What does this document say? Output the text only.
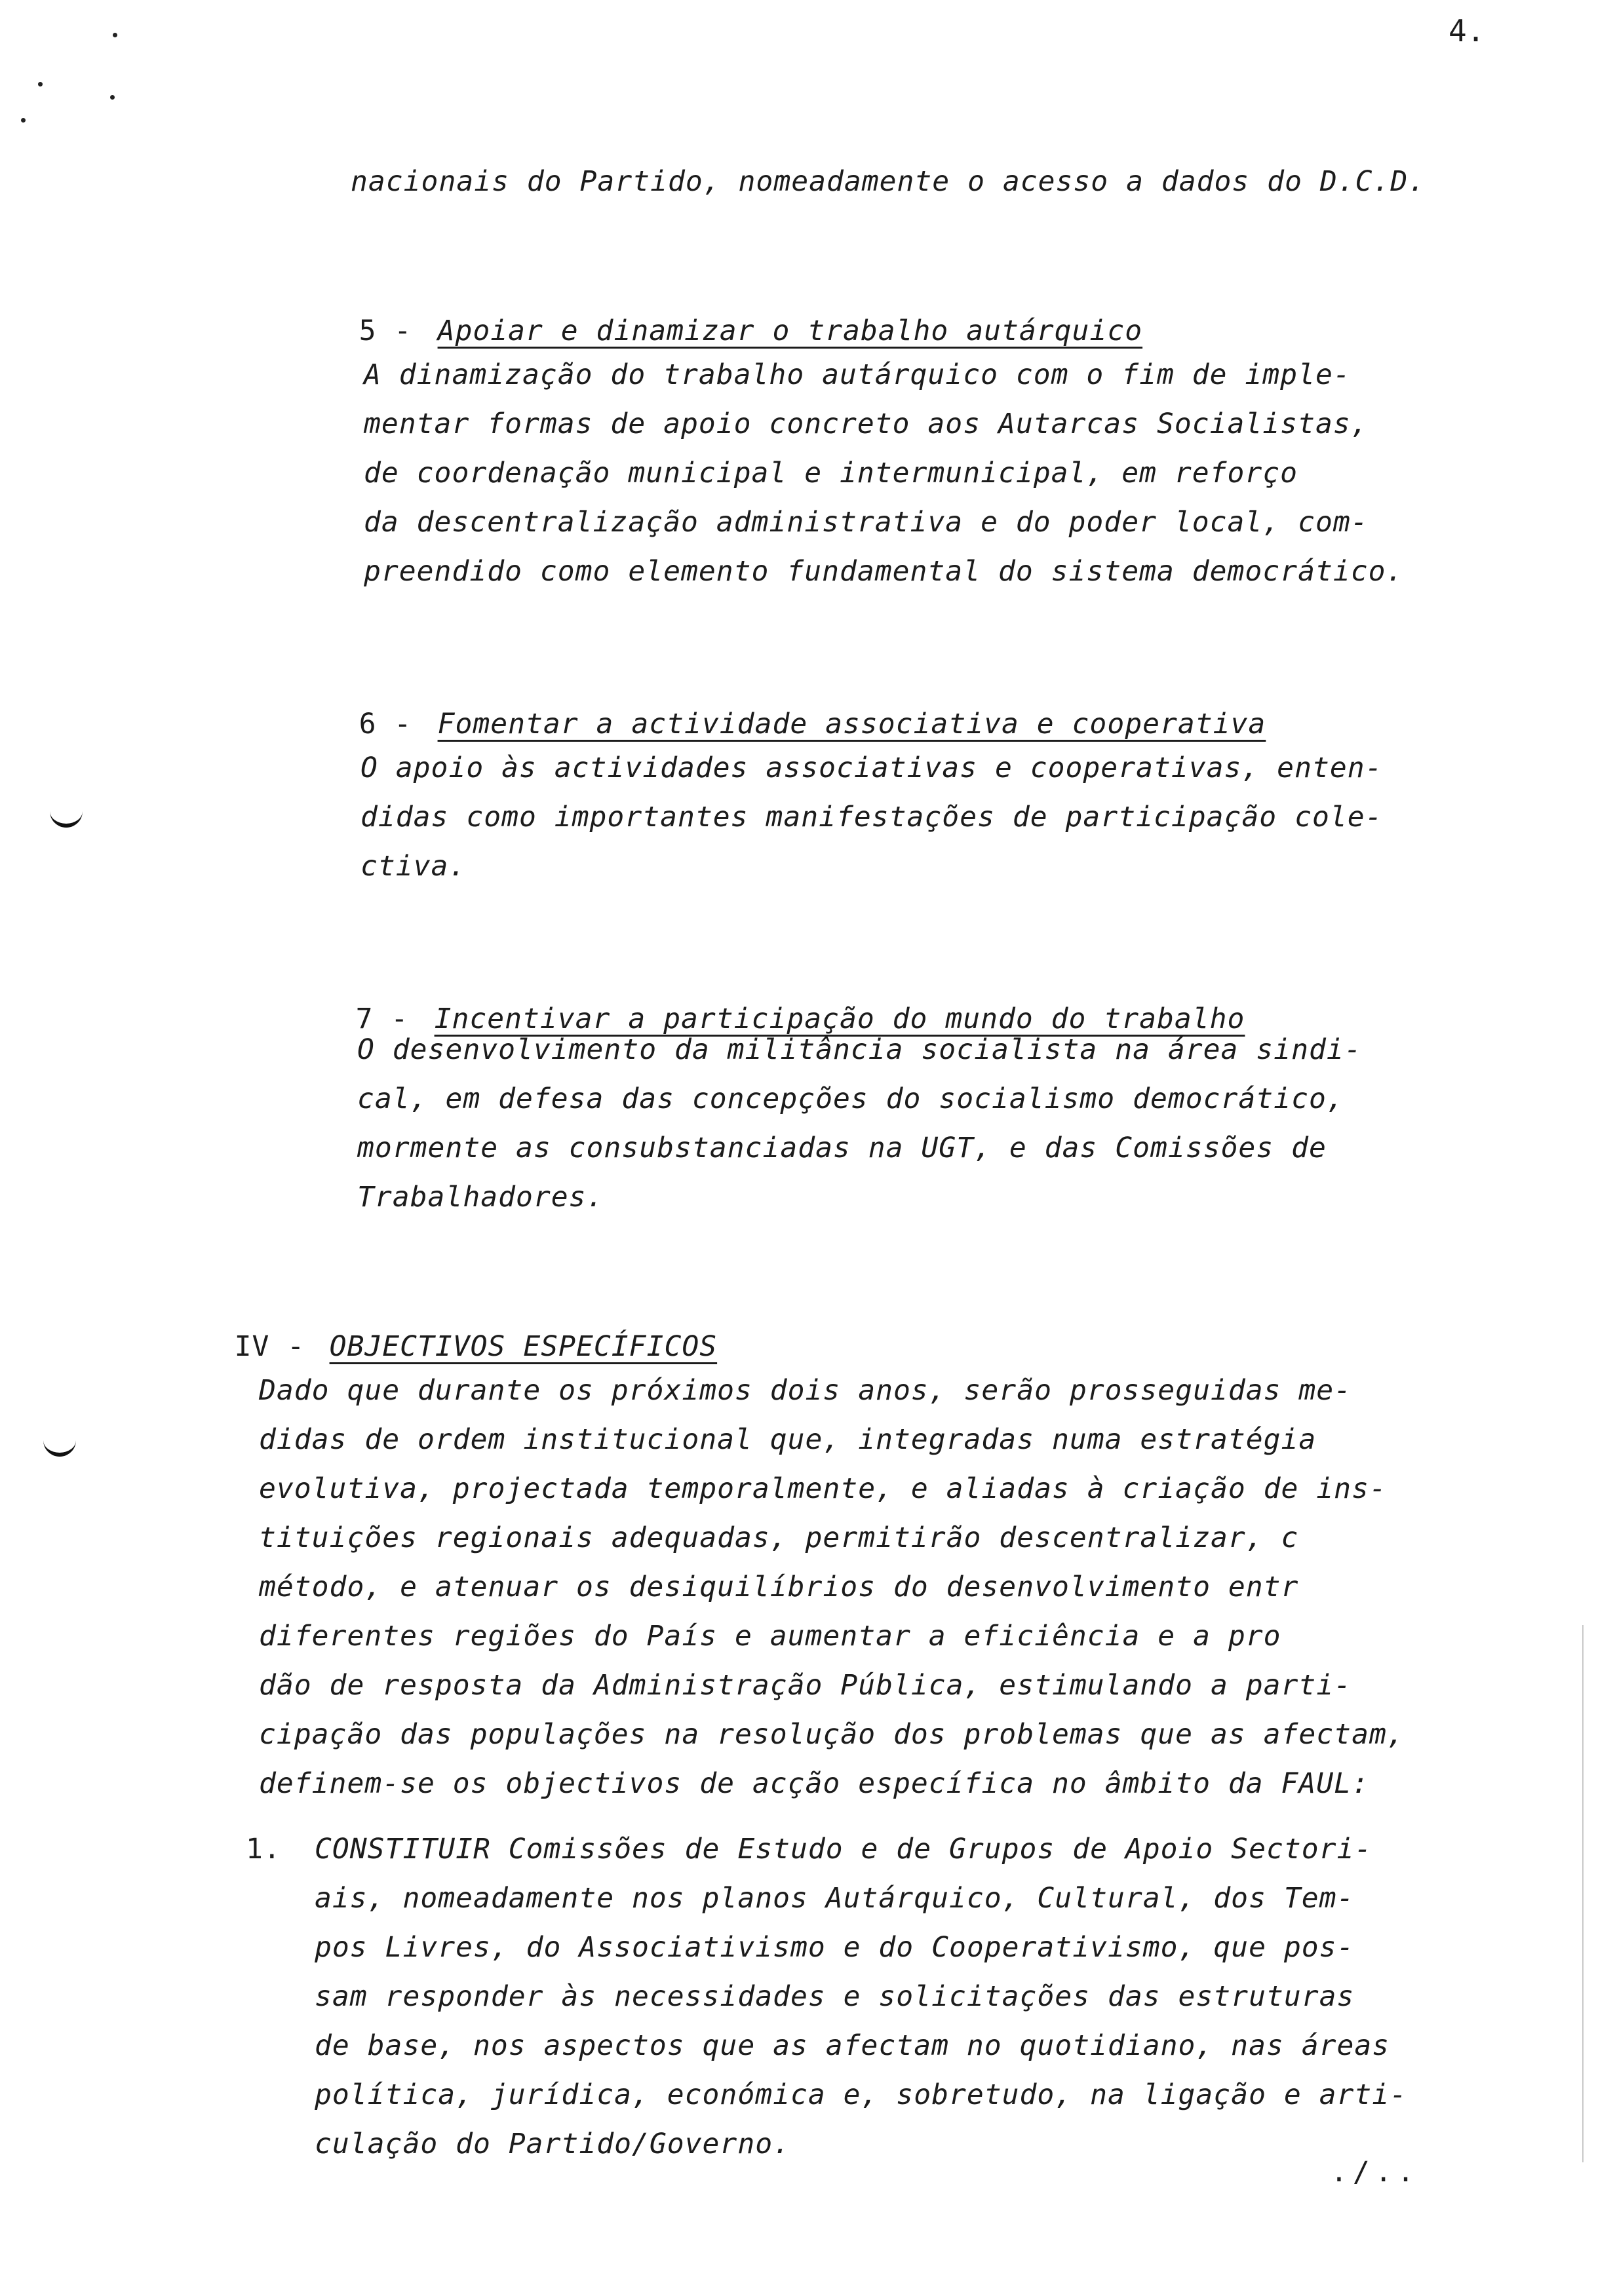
4.
nacionais do Partido, nomeadamente o acesso a dados do D.C.D.

5 - Apoiar e dinamizar o trabalho autárquico

A dinamização do trabalho autárquico com o fim de imple-
mentar formas de apoio concreto aos Autarcas Socialistas,
de coordenação municipal e intermunicipal, em reforço
da descentralização administrativa e do poder local, com-
preendido como elemento fundamental do sistema democrático.

6 - Fomentar a actividade associativa e cooperativa

O apoio às actividades associativas e cooperativas, enten-
didas como importantes manifestações de participação cole-
ctiva.

7 - Incentivar a participação do mundo do trabalho

O desenvolvimento da militância socialista na área sindi-
cal, em defesa das concepções do socialismo democrático,
mormente as consubstanciadas na UGT, e das Comissões de
Trabalhadores.

IV - OBJECTIVOS ESPECÍFICOS

Dado que durante os próximos dois anos, serão prosseguidas me-
didas de ordem institucional que, integradas numa estratégia
evolutiva, projectada temporalmente, e aliadas à criação de ins-
tituições regionais adequadas, permitirão descentralizar, c
método, e atenuar os desiquilíbrios do desenvolvimento entr
diferentes regiões do País e aumentar a eficiência e a pro
dão de resposta da Administração Pública, estimulando a parti-
cipação das populações na resolução dos problemas que as afectam,
definem-se os objectivos de acção específica no âmbito da FAUL:
1.	CONSTITUIR Comissões de Estudo e de Grupos de Apoio Sectori-
ais, nomeadamente nos planos Autárquico, Cultural, dos Tem-
pos Livres, do Associativismo e do Cooperativismo, que pos-
sam responder às necessidades e solicitações das estruturas
de base, nos aspectos que as afectam no quotidiano, nas áreas
política, jurídica, económica e, sobretudo, na ligação e arti-
culação do Partido/Governo.
./..
